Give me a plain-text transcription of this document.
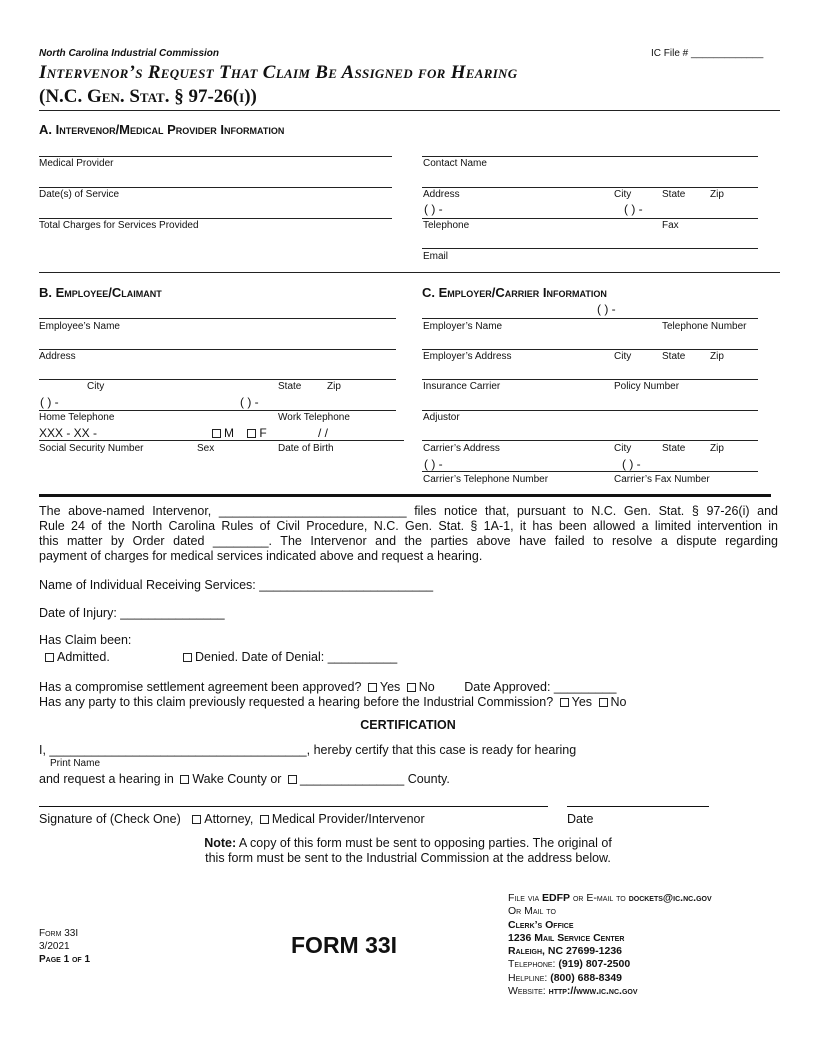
North Carolina Industrial Commission	IC File # _____________
Intervenor’s Request That Claim Be Assigned for Hearing
(N.C. Gen. Stat. § 97-26(i))
A. Intervenor/Medical Provider Information
Medical Provider
Date(s) of Service
Total Charges for Services Provided
Contact Name
Address	City	State Zip
( ) -	( ) -
Telephone	Fax
Email
B. Employee/Claimant
Employee’s Name
Address
City	State	Zip
( ) -	( ) -
Home Telephone	Work Telephone
XXX - XX -	M F	/ /
Social Security Number	Sex	Date of Birth
C. Employer/Carrier Information
( ) -
Employer’s Name	Telephone Number
Employer’s Address	City	State Zip
Insurance Carrier	Policy Number
Adjustor
Carrier’s Address	City	State Zip
( ) -	( ) -
Carrier’s Telephone Number	Carrier’s Fax Number
The above-named Intervenor, ___________________________ files notice that, pursuant to N.C. Gen. Stat. § 97-26(i) and
Rule 24 of the North Carolina Rules of Civil Procedure, N.C. Gen. Stat. § 1A-1, it has been allowed a limited intervention in
this matter by Order dated ________. The Intervenor and the parties above have failed to resolve a dispute regarding
payment of charges for medical services indicated above and request a hearing.
Name of Individual Receiving Services: _________________________
Date of Injury: _______________
Has Claim been:
Admitted.	Denied. Date of Denial: __________
Has a compromise settlement agreement been approved? Yes No Date Approved: _________
Has any party to this claim previously requested a hearing before the Industrial Commission? Yes No
CERTIFICATION
I, _____________________________________, hereby certify that this case is ready for hearing
Print Name
and request a hearing in Wake County or _______________ County.
Signature of (Check One) Attorney, Medical Provider/Intervenor	Date
Note: A copy of this form must be sent to opposing parties. The original of
this form must be sent to the Industrial Commission at the address below.
Form 33I
3/2021
Page 1 of 1
FORM 33I
File via EDFP or E-mail to dockets@ic.nc.gov
Or Mail to
Clerk’s Office
1236 Mail Service Center
Raleigh, NC 27699-1236
Telephone: (919) 807-2500
Helpline: (800) 688-8349
Website: http://www.ic.nc.gov
